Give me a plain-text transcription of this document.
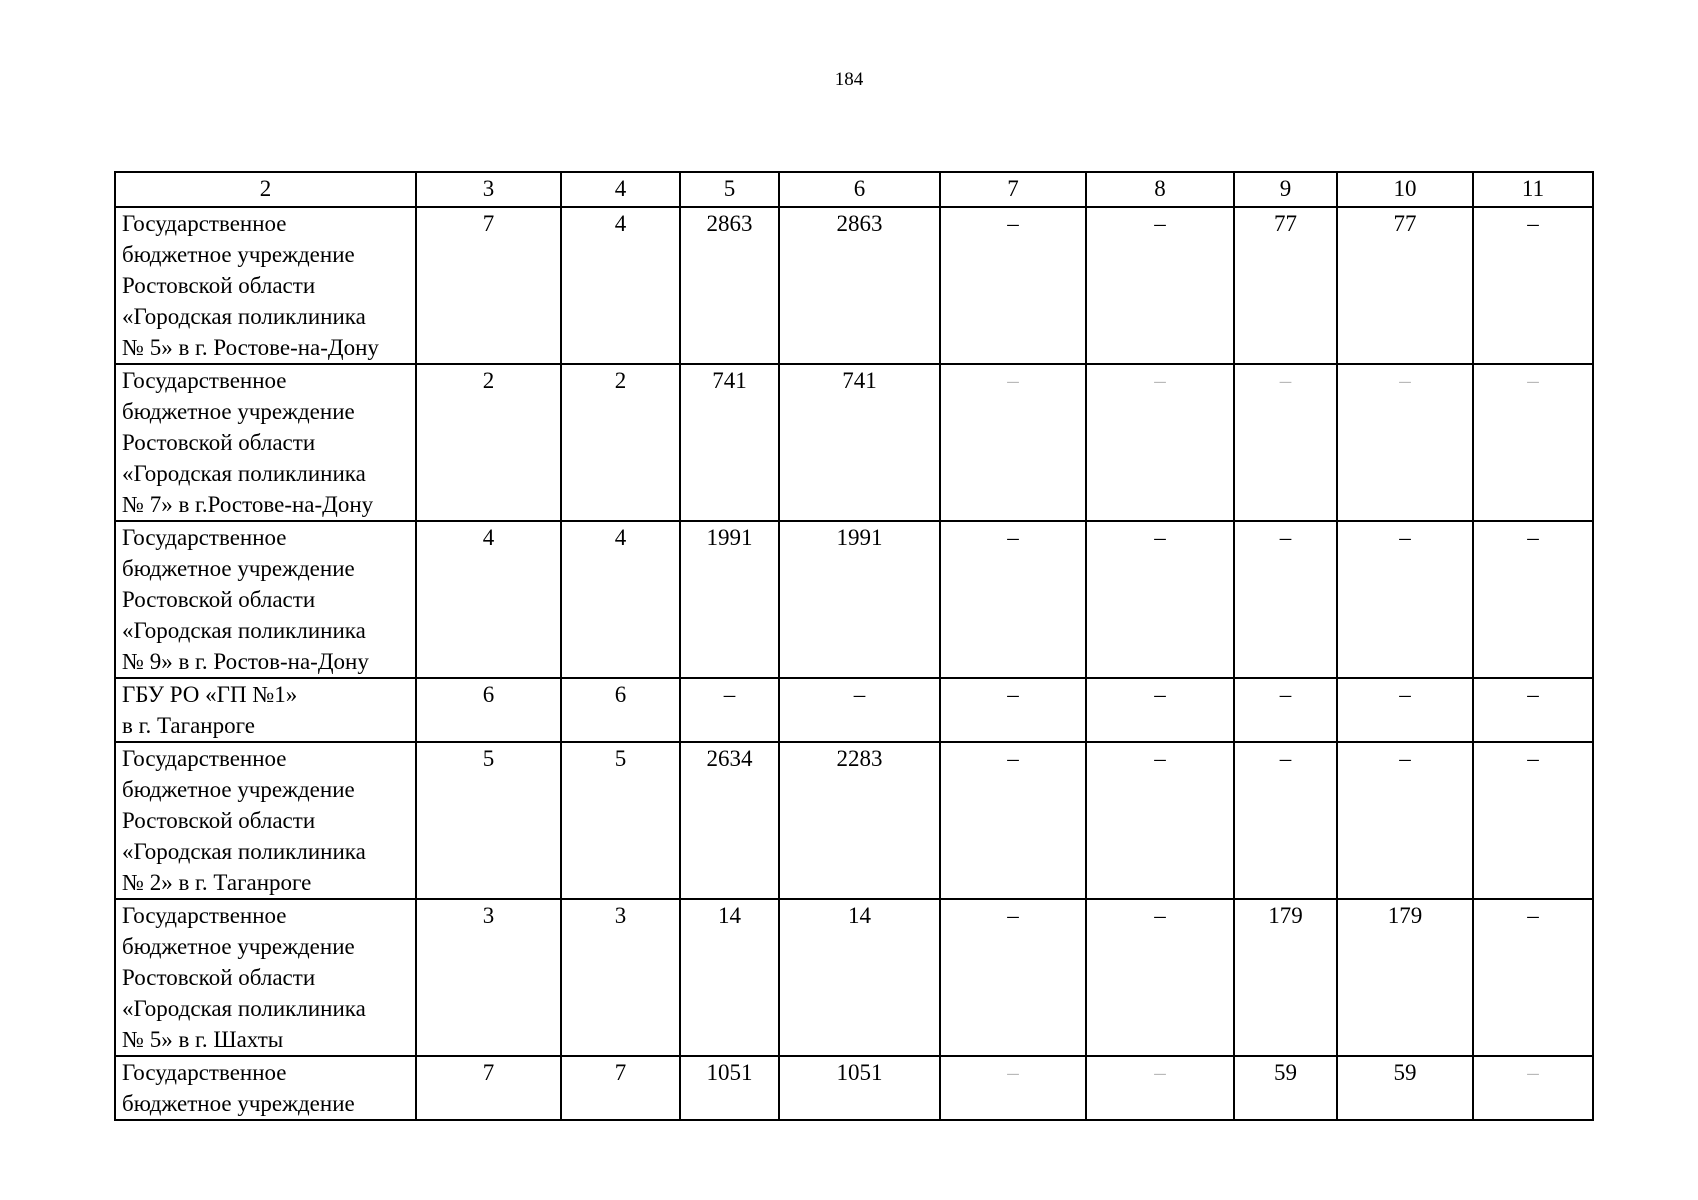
184
2	3	4	5	6	7	8	9	10	11

Государственное
бюджетное учреждение
Ростовской области
«Городская поликлиника
№ 5» в г. Ростове-на-Дону	7	4	2863	2863	–	–	77	77	–

Государственное
бюджетное учреждение
Ростовской области
«Городская поликлиника
№ 7» в г.Ростове-на-Дону	2	2	741	741	–	–	–	–	–

Государственное
бюджетное учреждение
Ростовской области
«Городская поликлиника
№ 9» в г. Ростов-на-Дону	4	4	1991	1991	–	–	–	–	–

ГБУ РО «ГП №1»
в г. Таганроге	6	6	–	–	–	–	–	–	–

Государственное
бюджетное учреждение
Ростовской области
«Городская поликлиника
№ 2» в г. Таганроге	5	5	2634	2283	–	–	–	–	–

Государственное
бюджетное учреждение
Ростовской области
«Городская поликлиника
№ 5» в г. Шахты	3	3	14	14	–	–	179	179	–

Государственное
бюджетное учреждение	7	7	1051	1051	–	–	59	59	–
